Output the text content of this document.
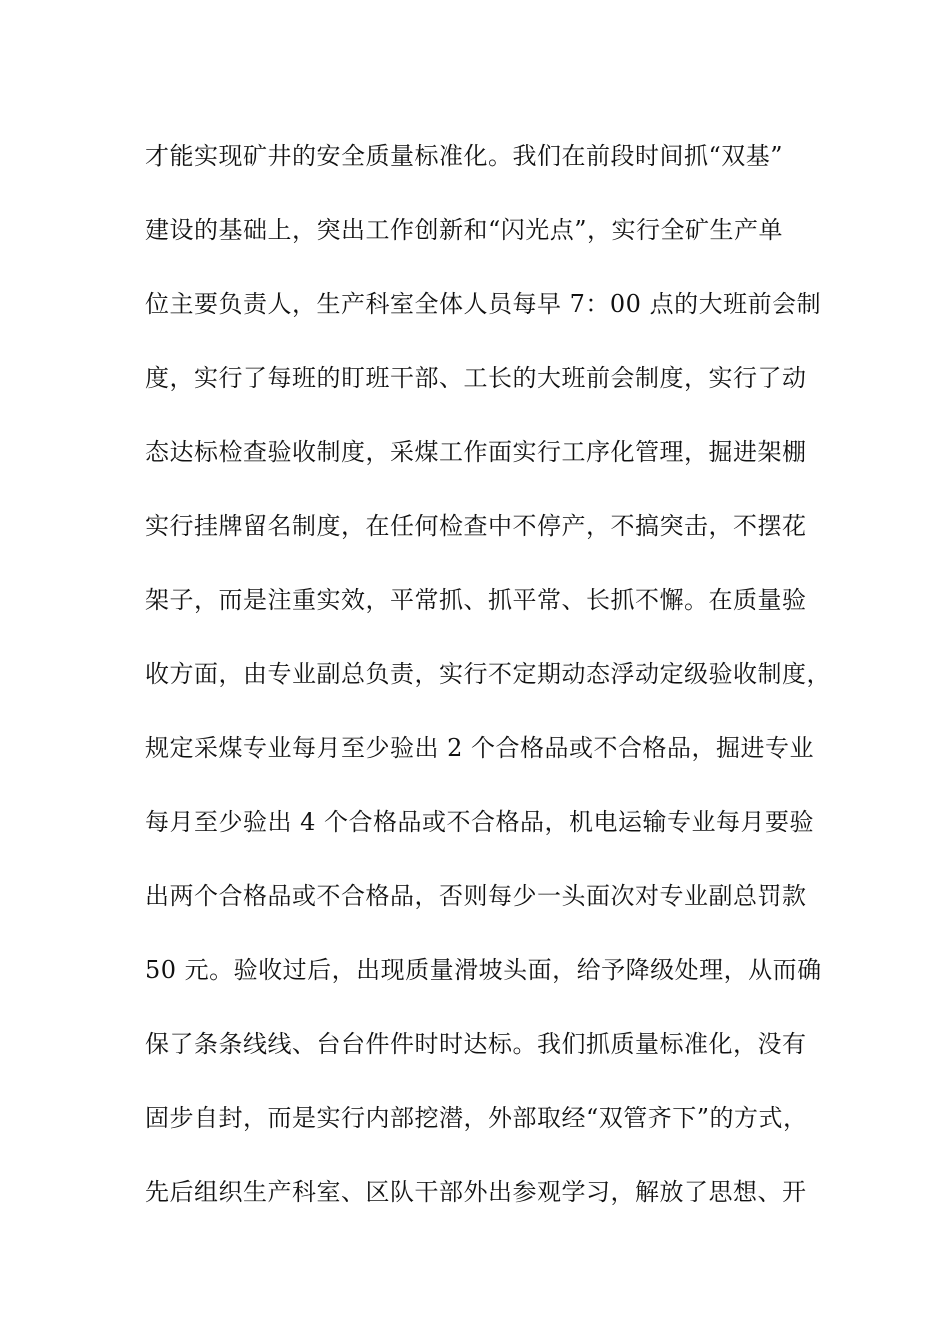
才能实现矿井的安全质量标准化。我们在前段时间抓“双基”
建设的基础上，突出工作创新和“闪光点”，实行全矿生产单
位主要负责人，生产科室全体人员每早 7：00 点的大班前会制
度，实行了每班的盯班干部、工长的大班前会制度，实行了动
态达标检查验收制度，采煤工作面实行工序化管理，掘进架棚
实行挂牌留名制度，在任何检查中不停产，不搞突击，不摆花
架子，而是注重实效，平常抓、抓平常、长抓不懈。在质量验
收方面，由专业副总负责，实行不定期动态浮动定级验收制度，
规定采煤专业每月至少验出 2 个合格品或不合格品，掘进专业
每月至少验出 4 个合格品或不合格品，机电运输专业每月要验
出两个合格品或不合格品，否则每少一头面次对专业副总罚款
50 元。验收过后，出现质量滑坡头面，给予降级处理，从而确
保了条条线线、台台件件时时达标。我们抓质量标准化，没有
固步自封，而是实行内部挖潜，外部取经“双管齐下”的方式，
先后组织生产科室、区队干部外出参观学习，解放了思想、开
